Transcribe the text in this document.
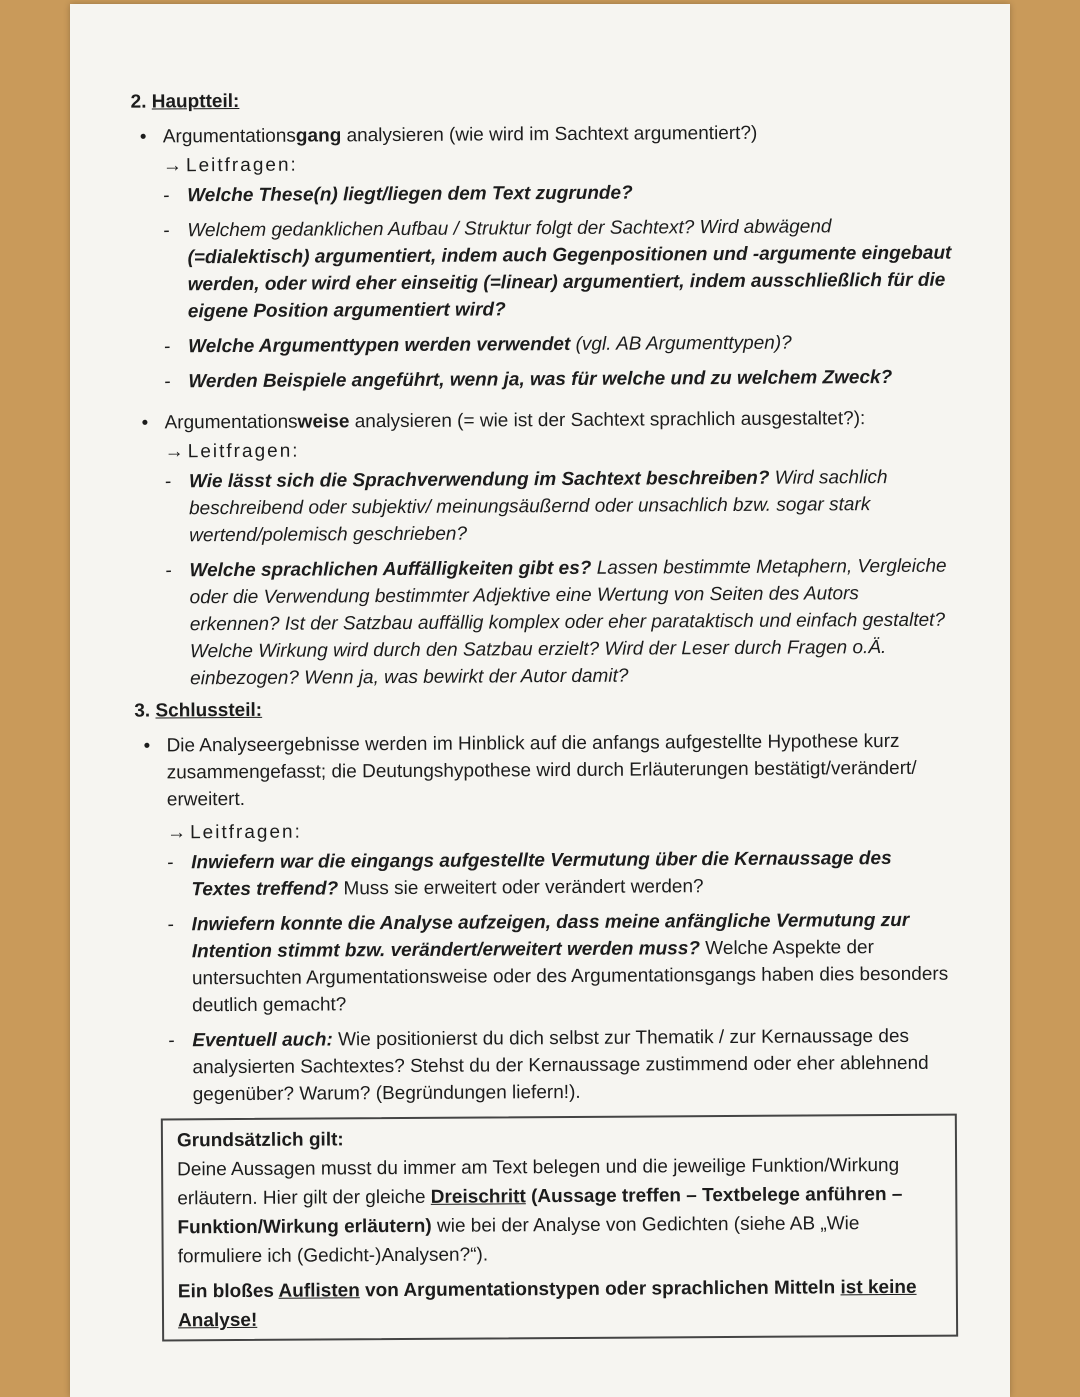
2. Hauptteil:
• Argumentationsgang analysieren (wie wird im Sachtext argumentiert?)
→ Leitfragen:
- Welche These(n) liegt/liegen dem Text zugrunde?
- Welchem gedanklichen Aufbau / Struktur folgt der Sachtext? Wird abwägend (=dialektisch) argumentiert, indem auch Gegenpositionen und -argumente eingebaut werden, oder wird eher einseitig (=linear) argumentiert, indem ausschließlich für die eigene Position argumentiert wird?
- Welche Argumenttypen werden verwendet (vgl. AB Argumenttypen)?
- Werden Beispiele angeführt, wenn ja, was für welche und zu welchem Zweck?
• Argumentationsweise analysieren (= wie ist der Sachtext sprachlich ausgestaltet?):
→ Leitfragen:
- Wie lässt sich die Sprachverwendung im Sachtext beschreiben? Wird sachlich beschreibend oder subjektiv/ meinungsäußernd oder unsachlich bzw. sogar stark wertend/polemisch geschrieben?
- Welche sprachlichen Auffälligkeiten gibt es? Lassen bestimmte Metaphern, Vergleiche oder die Verwendung bestimmter Adjektive eine Wertung von Seiten des Autors erkennen? Ist der Satzbau auffällig komplex oder eher parataktisch und einfach gestaltet? Welche Wirkung wird durch den Satzbau erzielt? Wird der Leser durch Fragen o.Ä. einbezogen? Wenn ja, was bewirkt der Autor damit?
3. Schlussteil:
• Die Analyseergebnisse werden im Hinblick auf die anfangs aufgestellte Hypothese kurz zusammengefasst; die Deutungshypothese wird durch Erläuterungen bestätigt/verändert/ erweitert.
→ Leitfragen:
- Inwiefern war die eingangs aufgestellte Vermutung über die Kernaussage des Textes treffend? Muss sie erweitert oder verändert werden?
- Inwiefern konnte die Analyse aufzeigen, dass meine anfängliche Vermutung zur Intention stimmt bzw. verändert/erweitert werden muss? Welche Aspekte der untersuchten Argumentationsweise oder des Argumentationsgangs haben dies besonders deutlich gemacht?
- Eventuell auch: Wie positionierst du dich selbst zur Thematik / zur Kernaussage des analysierten Sachtextes? Stehst du der Kernaussage zustimmend oder eher ablehnend gegenüber? Warum? (Begründungen liefern!).
Grundsätzlich gilt:
Deine Aussagen musst du immer am Text belegen und die jeweilige Funktion/Wirkung erläutern. Hier gilt der gleiche Dreischritt (Aussage treffen – Textbelege anführen – Funktion/Wirkung erläutern) wie bei der Analyse von Gedichten (siehe AB „Wie formuliere ich (Gedicht-)Analysen?“).
Ein bloßes Auflisten von Argumentationstypen oder sprachlichen Mitteln ist keine Analyse!
